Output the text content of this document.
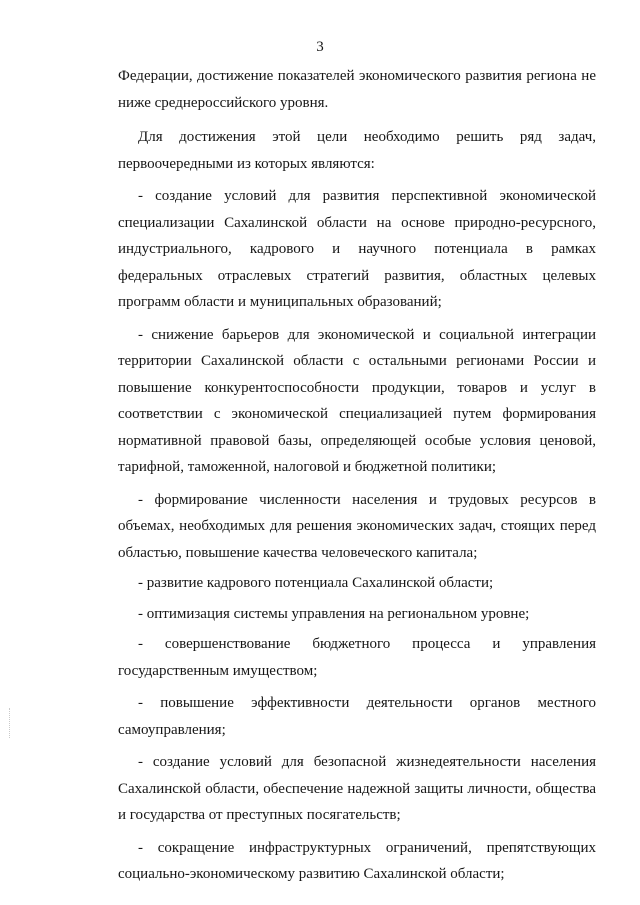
3

Федерации, достижение показателей экономического развития региона не ниже среднероссийского уровня.

Для достижения этой цели необходимо решить ряд задач, первоочередными из которых являются:

- создание условий для развития перспективной экономической специализации Сахалинской области на основе природно-ресурсного, индустриального, кадрового и научного потенциала в рамках федеральных отраслевых стратегий развития, областных целевых программ области и муниципальных образований;

- снижение барьеров для экономической и социальной интеграции территории Сахалинской области с остальными регионами России и повышение конкурентоспособности продукции, товаров и услуг в соответствии с экономической специализацией путем формирования нормативной правовой базы, определяющей особые условия ценовой, тарифной, таможенной, налоговой и бюджетной политики;

- формирование численности населения и трудовых ресурсов в объемах, необходимых для решения экономических задач, стоящих перед областью, повышение качества человеческого капитала;

- развитие кадрового потенциала Сахалинской области;

- оптимизация системы управления на региональном уровне;

- совершенствование бюджетного процесса и управления государственным имуществом;

- повышение эффективности деятельности органов местного самоуправления;

- создание условий для безопасной жизнедеятельности населения Сахалинской области, обеспечение надежной защиты личности, общества и государства от преступных посягательств;

- сокращение инфраструктурных ограничений, препятствующих социально-экономическому развитию Сахалинской области;
